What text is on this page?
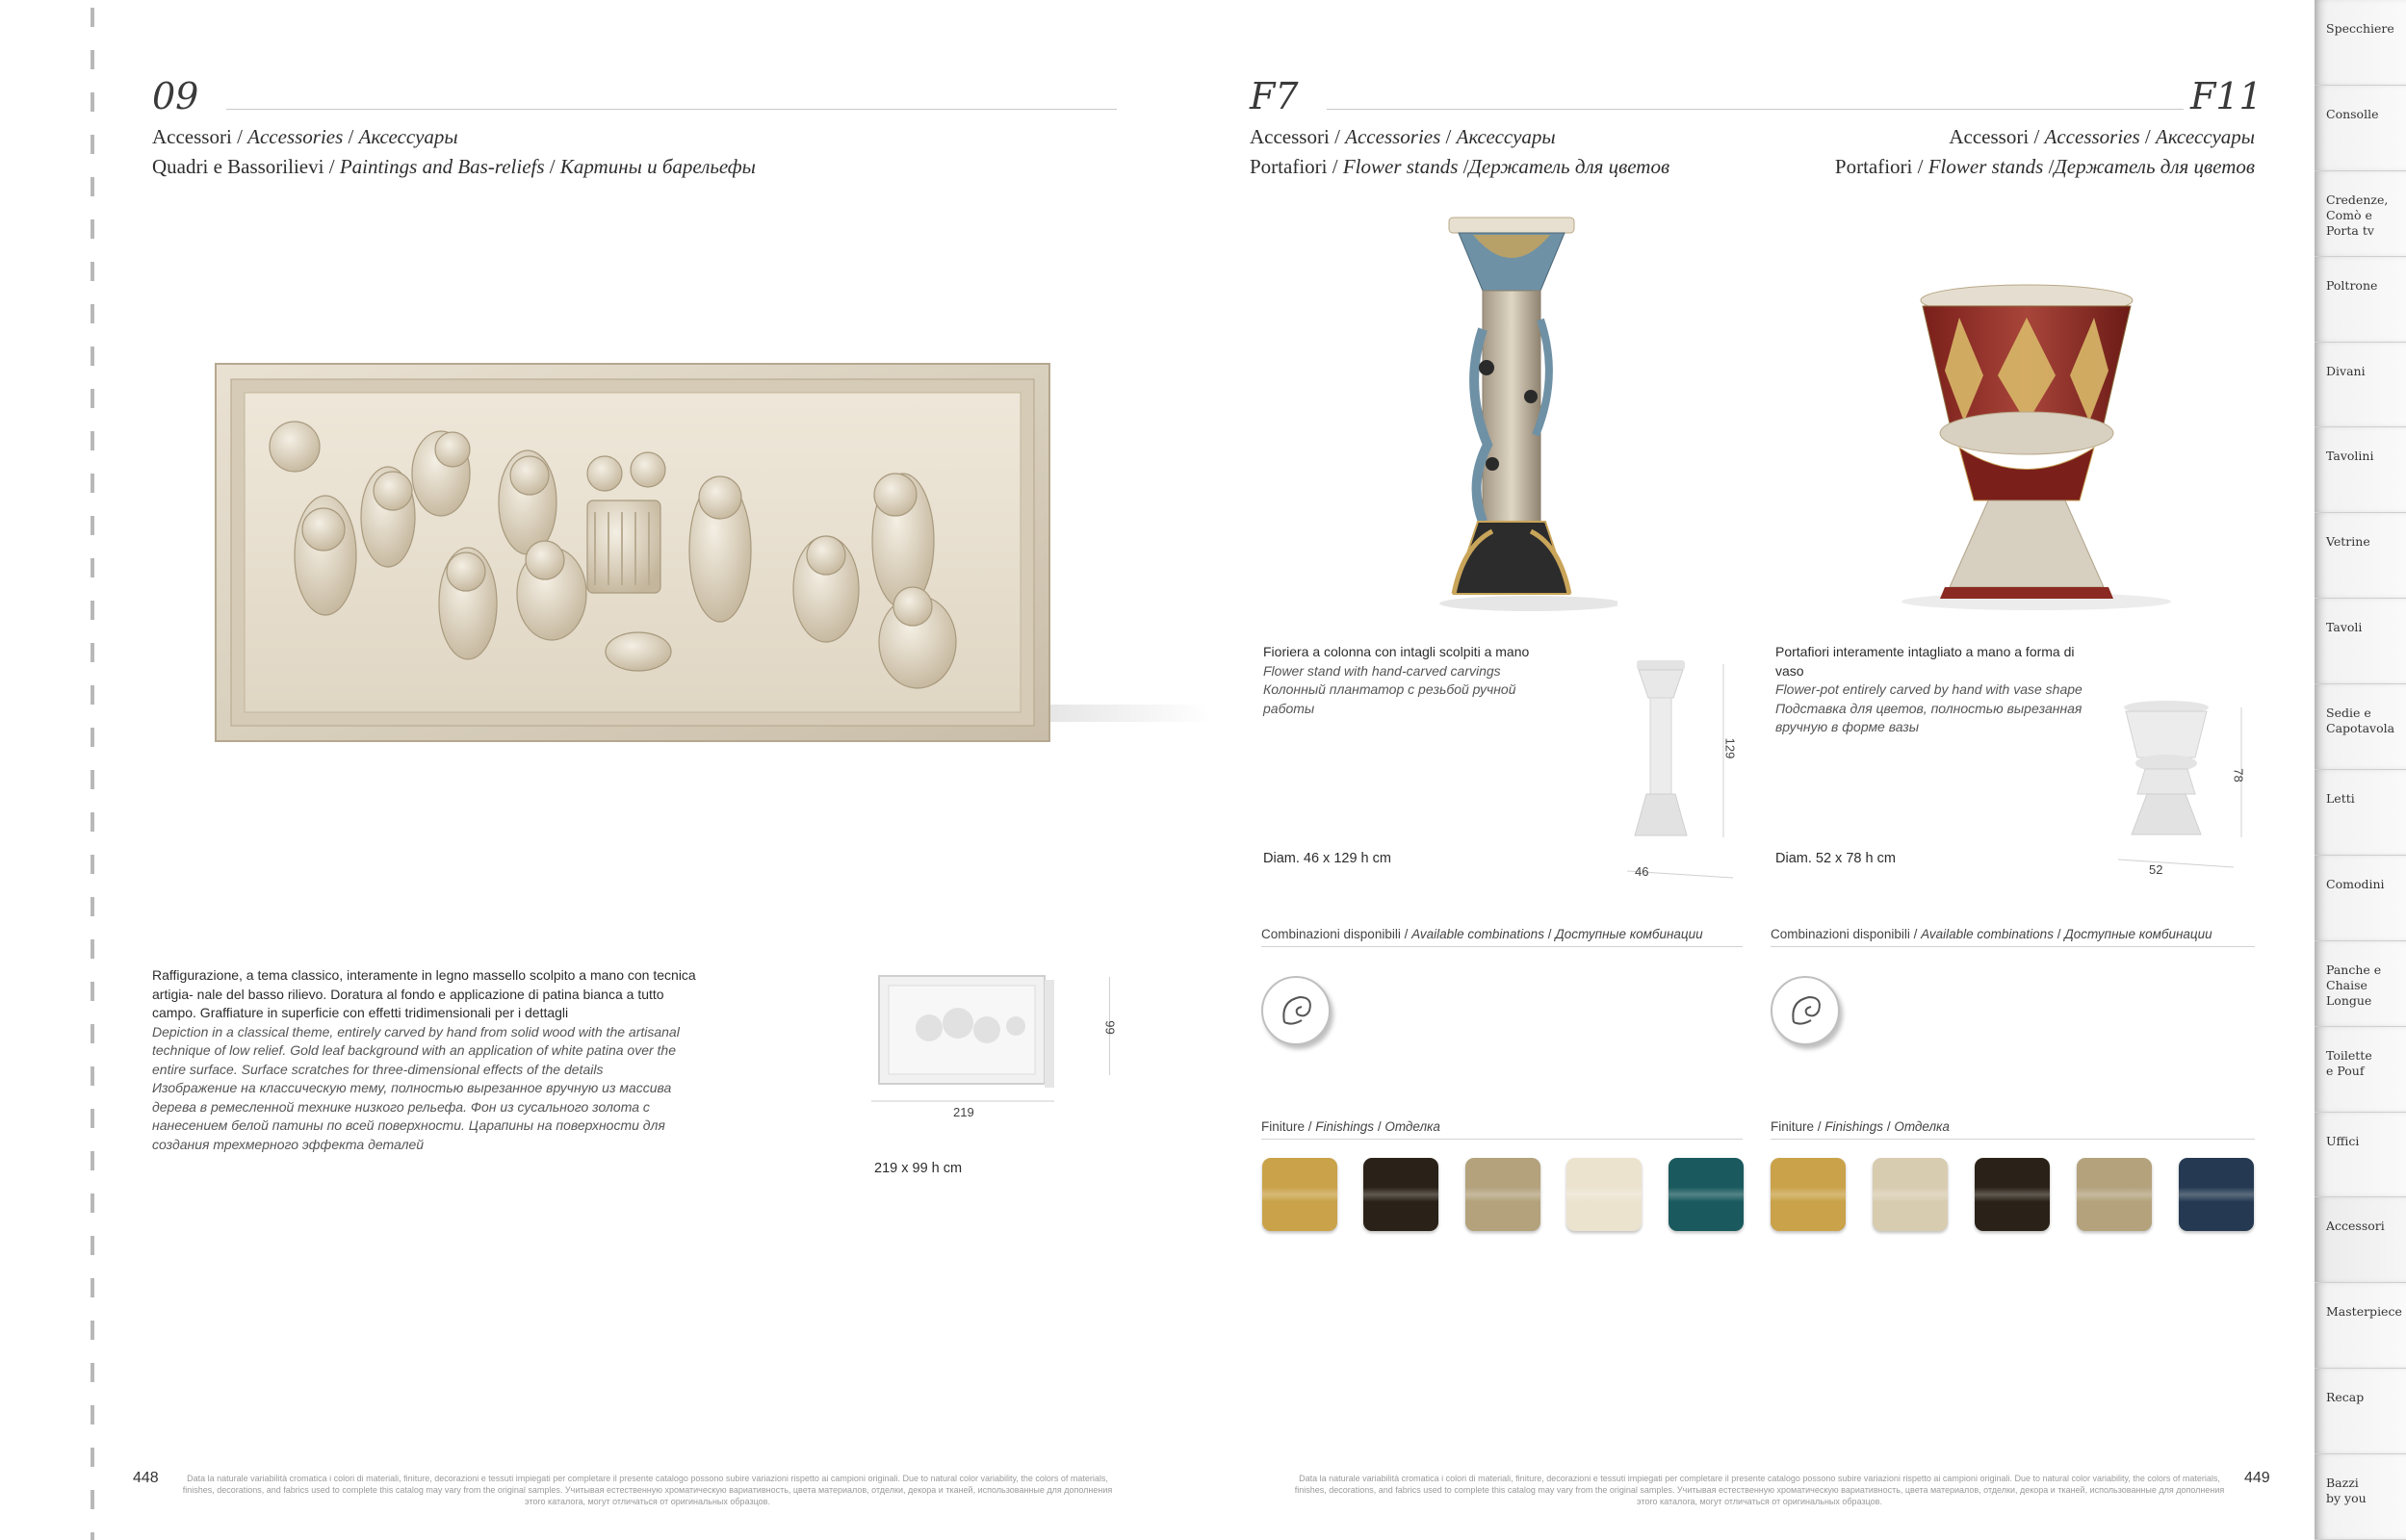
09
Accessori / Accessories / Аксессуары
Quadri e Bassorilievi / Paintings and Bas-reliefs / Картины и барельефы
Raffigurazione, a tema classico, interamente in legno massello scolpito a mano con tecnica artigia- nale del basso rilievo. Doratura al fondo e applicazione di patina bianca a tutto campo. Graffiature in superficie con effetti tridimensionali per i dettagli
Depiction in a classical theme, entirely carved by hand from solid wood with the artisanal technique of low relief. Gold leaf background with an application of white patina over the entire surface. Surface scratches for three-dimensional effects of the details
Изображение на классическую тему, полностью вырезанное вручную из массива дерева в ремесленной технике низкого рельефа. Фон из сусального золота с нанесением белой патины по всей поверхности. Царапины на поверхности для создания трехмерного эффекта деталей
99
219
219 x 99 h cm
448	Data la naturale variabilità cromatica i colori di materiali, finiture, decorazioni e tessuti impiegati per completare il presente catalogo possono subire variazioni rispetto ai campioni originali. Due to natural color variability, the colors of materials, finishes, decorations, and fabrics used to complete this catalog may vary from the original samples. Учитывая естественную хроматическую вариативность, цвета материалов, отделки, декора и тканей, использованные для дополнения этого каталога, могут отличаться от оригинальных образцов.
F7	F11
Accessori / Accessories / Аксессуары
Portafiori / Flower stands /Держатель для цветов
Accessori / Accessories / Аксессуары
Portafiori / Flower stands /Держатель для цветов
Fioriera a colonna con intagli scolpiti a mano
Flower stand with hand-carved carvings
Колонный плантатор с резьбой ручной работы
129
46
Diam. 46 x 129 h cm
Portafiori interamente intagliato a mano a forma di vaso
Flower-pot entirely carved by hand with vase shape
Подставка для цветов, полностью вырезанная вручную в форме вазы
78
52
Diam. 52 x 78 h cm
Combinazioni disponibili / Available combinations / Доступные комбинации	Combinazioni disponibili / Available combinations / Доступные комбинации
Finiture / Finishings / Отделка	Finiture / Finishings / Отделка
Data la naturale variabilità cromatica i colori di materiali, finiture, decorazioni e tessuti impiegati per completare il presente catalogo possono subire variazioni rispetto ai campioni originali. Due to natural color variability, the colors of materials, finishes, decorations, and fabrics used to complete this catalog may vary from the original samples. Учитывая естественную хроматическую вариативность, цвета материалов, отделки, декора и тканей, использованные для дополнения этого каталога, могут отличаться от оригинальных образцов.
449
Specchiere
Consolle
Credenze,
Comò e
Porta tv
Poltrone
Divani
Tavolini
Vetrine
Tavoli
Sedie e
Capotavola
Letti
Comodini
Panche e
Chaise
Longue
Toilette
e Pouf
Uffici
Accessori
Masterpiece
Recap
Bazzi
by you
